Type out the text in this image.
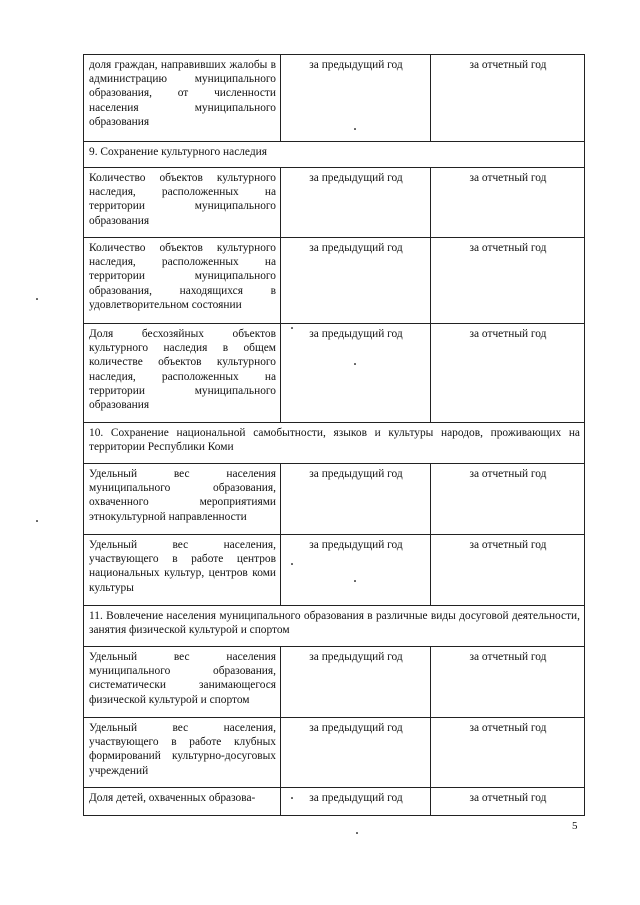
доля граждан, направивших жалобы в администрацию муниципального образования, от численности населения муниципального образования	за предыдущий год	за отчетный год
9. Сохранение культурного наследия		
Количество объектов культурного наследия, расположенных на территории муниципального образования	за предыдущий год	за отчетный год
Количество объектов культурного наследия, расположенных на территории муниципального образования, находящихся в удовлетворительном состоянии	за предыдущий год	за отчетный год
Доля бесхозяйных объектов культурного наследия в общем количестве объектов культурного наследия, расположенных на территории муниципального образования	за предыдущий год	за отчетный год
10. Сохранение национальной самобытности, языков и культуры народов, проживающих на территории Республики Коми		
Удельный вес населения муниципального образования, охваченного мероприятиями этнокультурной направленности	за предыдущий год	за отчетный год
Удельный вес населения, участвующего в работе центров национальных культур, центров коми культуры	за предыдущий год	за отчетный год
11. Вовлечение населения муниципального образования в различные виды досуговой деятельности, занятия физической культурой и спортом		
Удельный вес населения муниципального образования, систематически занимающегося физической культурой и спортом	за предыдущий год	за отчетный год
Удельный вес населения, участвующего в работе клубных формирований культурно-досуговых учреждений	за предыдущий год	за отчетный год
Доля детей, охваченных образова-	за предыдущий год	за отчетный год
5
